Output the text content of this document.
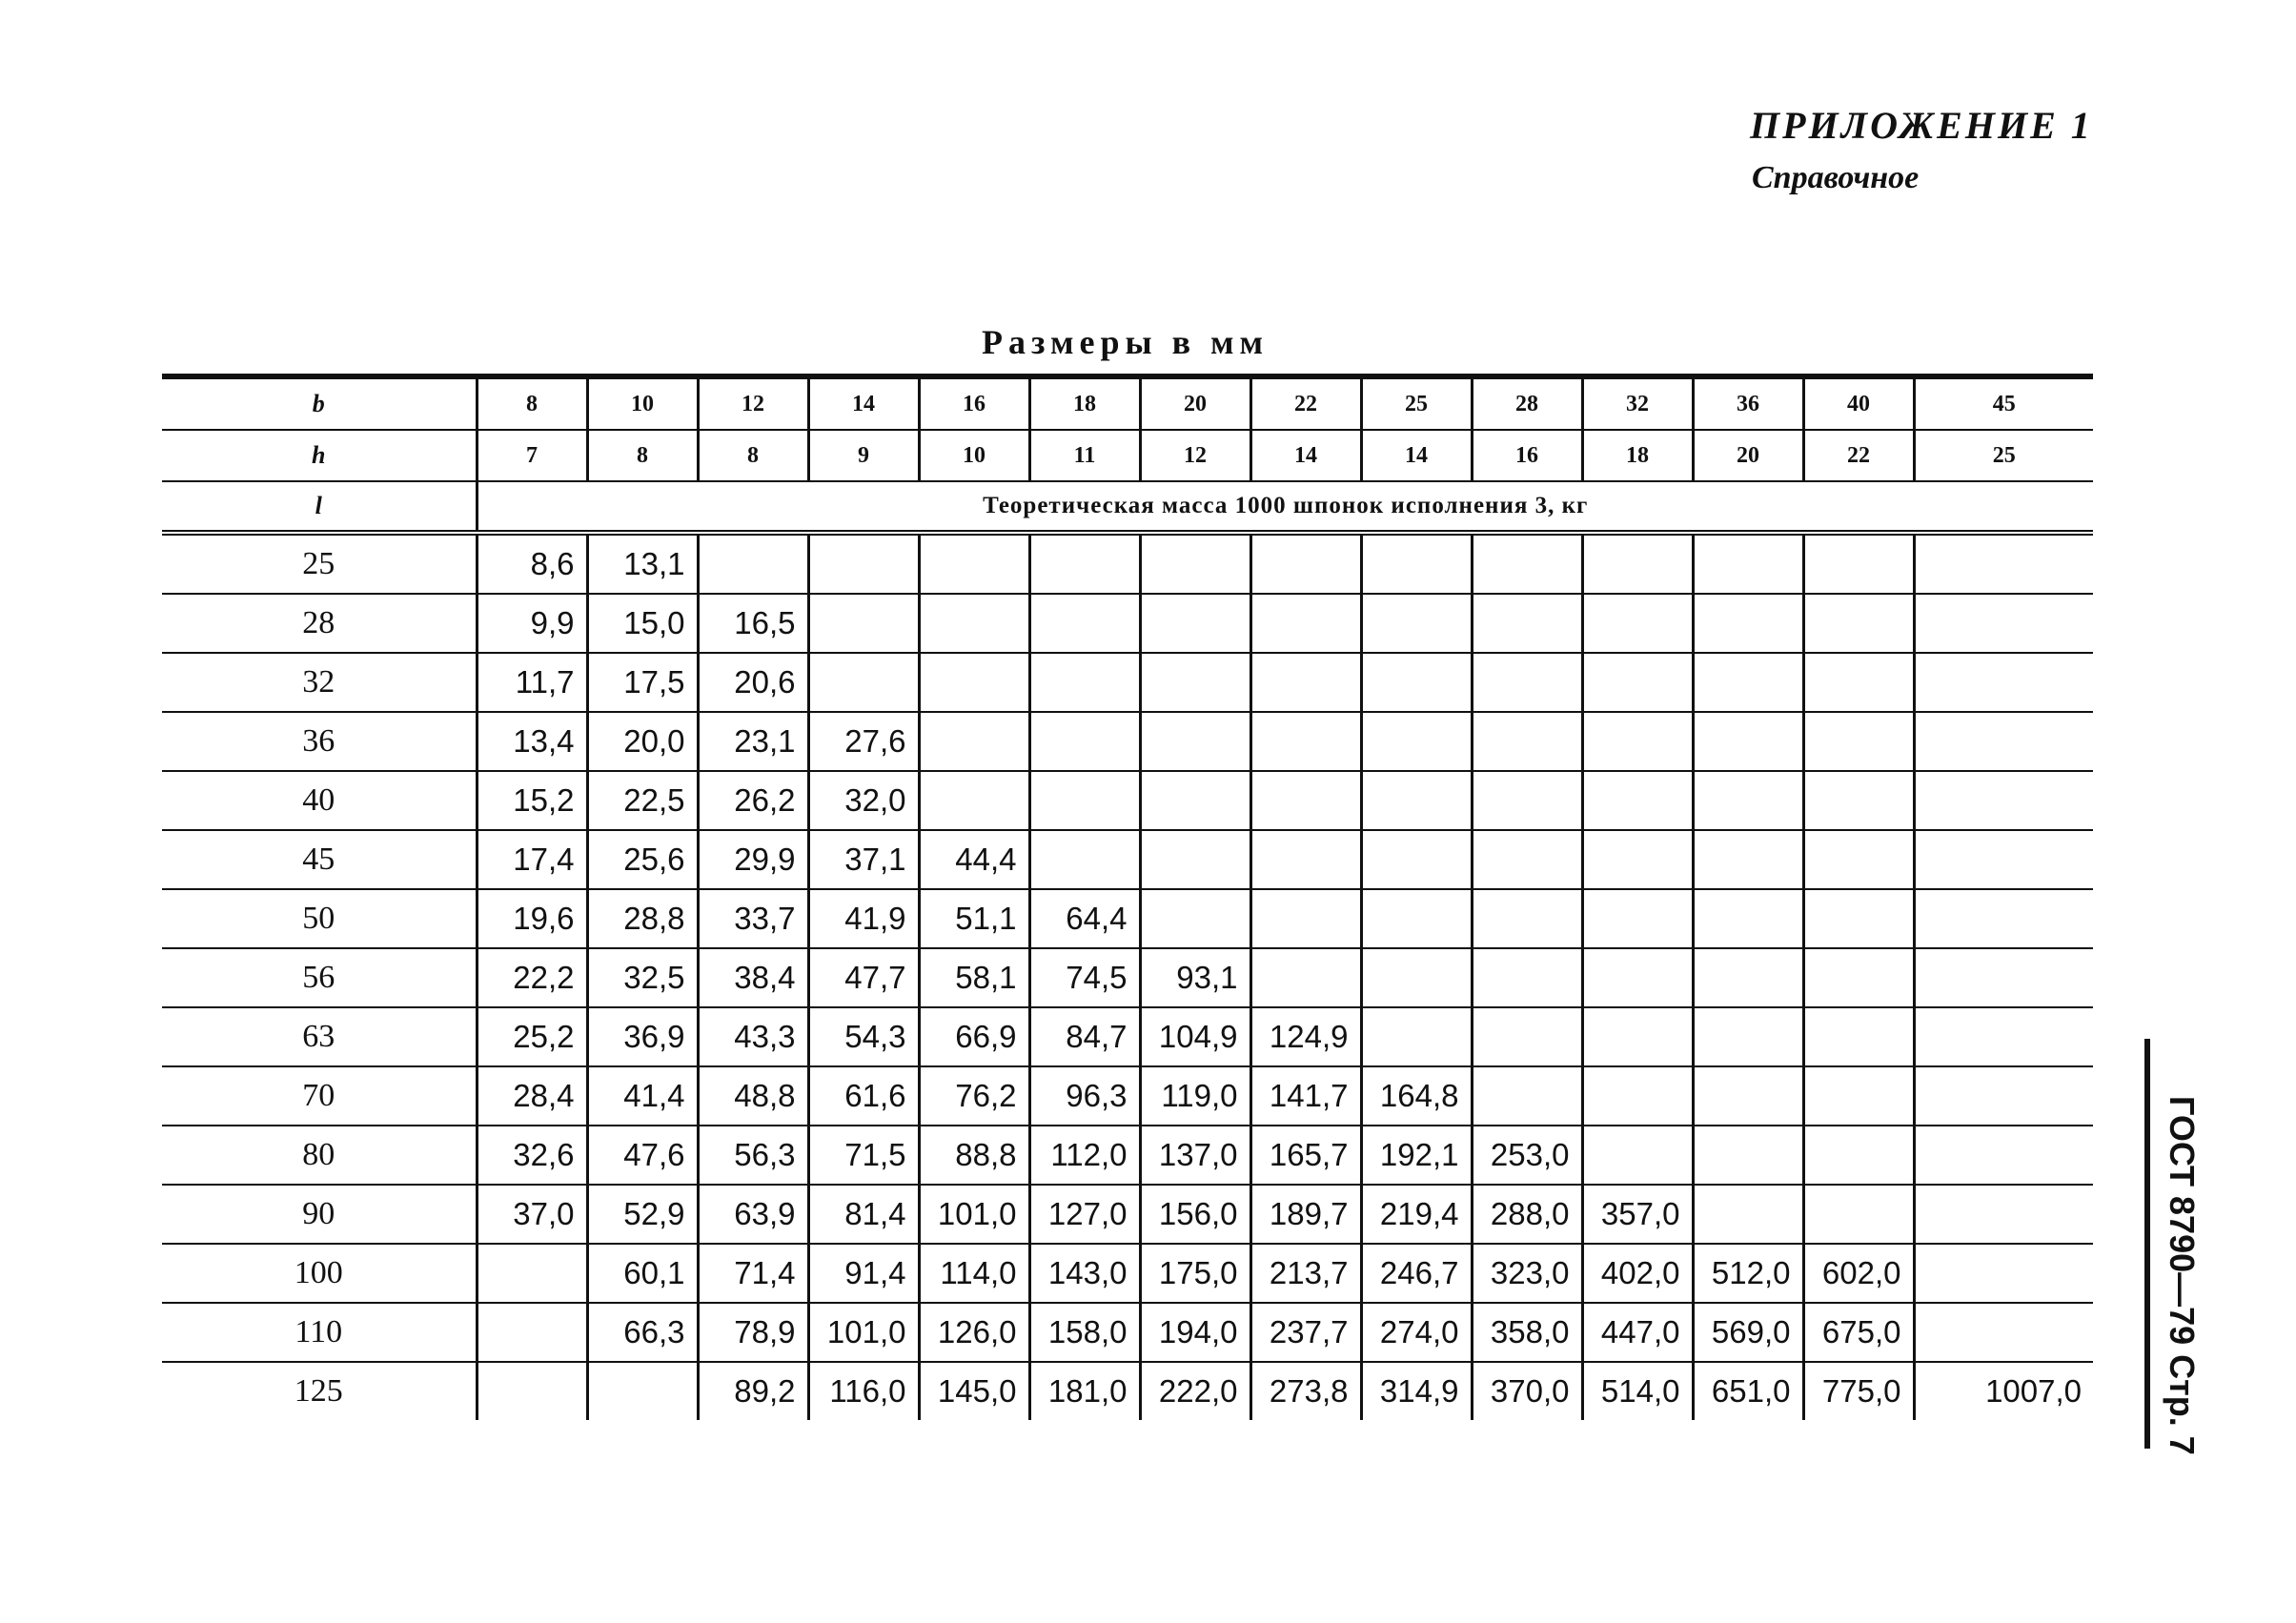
ПРИЛОЖЕНИЕ 1
Справочное
Размеры в мм
ГОСТ 8790—79 Стр. 7
b	8	10	12	14	16	18	20	22	25	28	32	36	40	45
h	7	8	8	9	10	11	12	14	14	16	18	20	22	25
l	Теоретическая масса 1000 шпонок исполнения 3, кг													
25	8,6	13,1												
28	9,9	15,0	16,5											
32	11,7	17,5	20,6											
36	13,4	20,0	23,1	27,6										
40	15,2	22,5	26,2	32,0										
45	17,4	25,6	29,9	37,1	44,4									
50	19,6	28,8	33,7	41,9	51,1	64,4								
56	22,2	32,5	38,4	47,7	58,1	74,5	93,1							
63	25,2	36,9	43,3	54,3	66,9	84,7	104,9	124,9						
70	28,4	41,4	48,8	61,6	76,2	96,3	119,0	141,7	164,8					
80	32,6	47,6	56,3	71,5	88,8	112,0	137,0	165,7	192,1	253,0				
90	37,0	52,9	63,9	81,4	101,0	127,0	156,0	189,7	219,4	288,0	357,0			
100		60,1	71,4	91,4	114,0	143,0	175,0	213,7	246,7	323,0	402,0	512,0	602,0	
110		66,3	78,9	101,0	126,0	158,0	194,0	237,7	274,0	358,0	447,0	569,0	675,0	
125			89,2	116,0	145,0	181,0	222,0	273,8	314,9	370,0	514,0	651,0	775,0	1007,0
